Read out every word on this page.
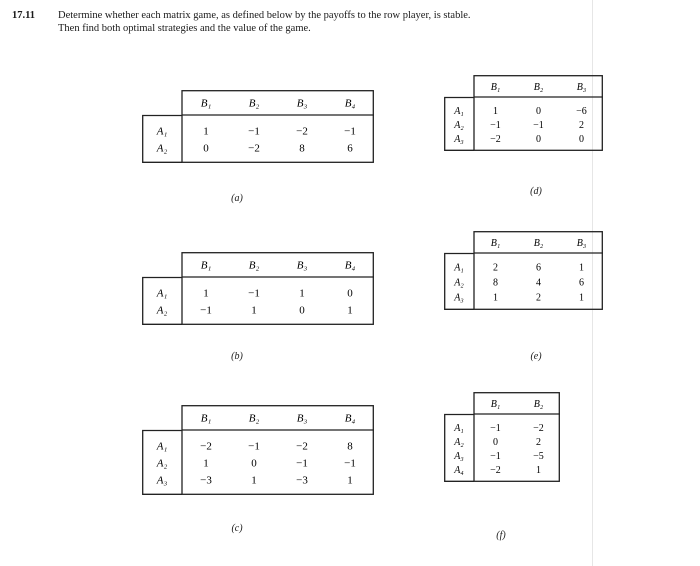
17.11 Determine whether each matrix game, as defined below by the payoffs to the row player, is stable.
Then find both optimal strategies and the value of the game.
B₁	B₂	B₃	B₄
A₁	1	−1	−2	−1
A₂	0	−2	8	6
(a)
B₁	B₂	B₃	B₄
A₁	1	−1	1	0
A₂	−1	1	0	1
(b)
B₁	B₂	B₃	B₄
A₁	−2	−1	−2	8
A₂	1	0	−1	−1
A₃	−3	1	−3	1
(c)
B₁	B₂	B₃
A₁	1	0	−6
A₂	−1	−1	2
A₃	−2	0	0
(d)
B₁	B₂	B₃
A₁	2	6	1
A₂	8	4	6
A₃	1	2	1
(e)
B₁	B₂
A₁	−1	−2
A₂	0	2
A₃	−1	−5
A₄	−2	1
(f)
